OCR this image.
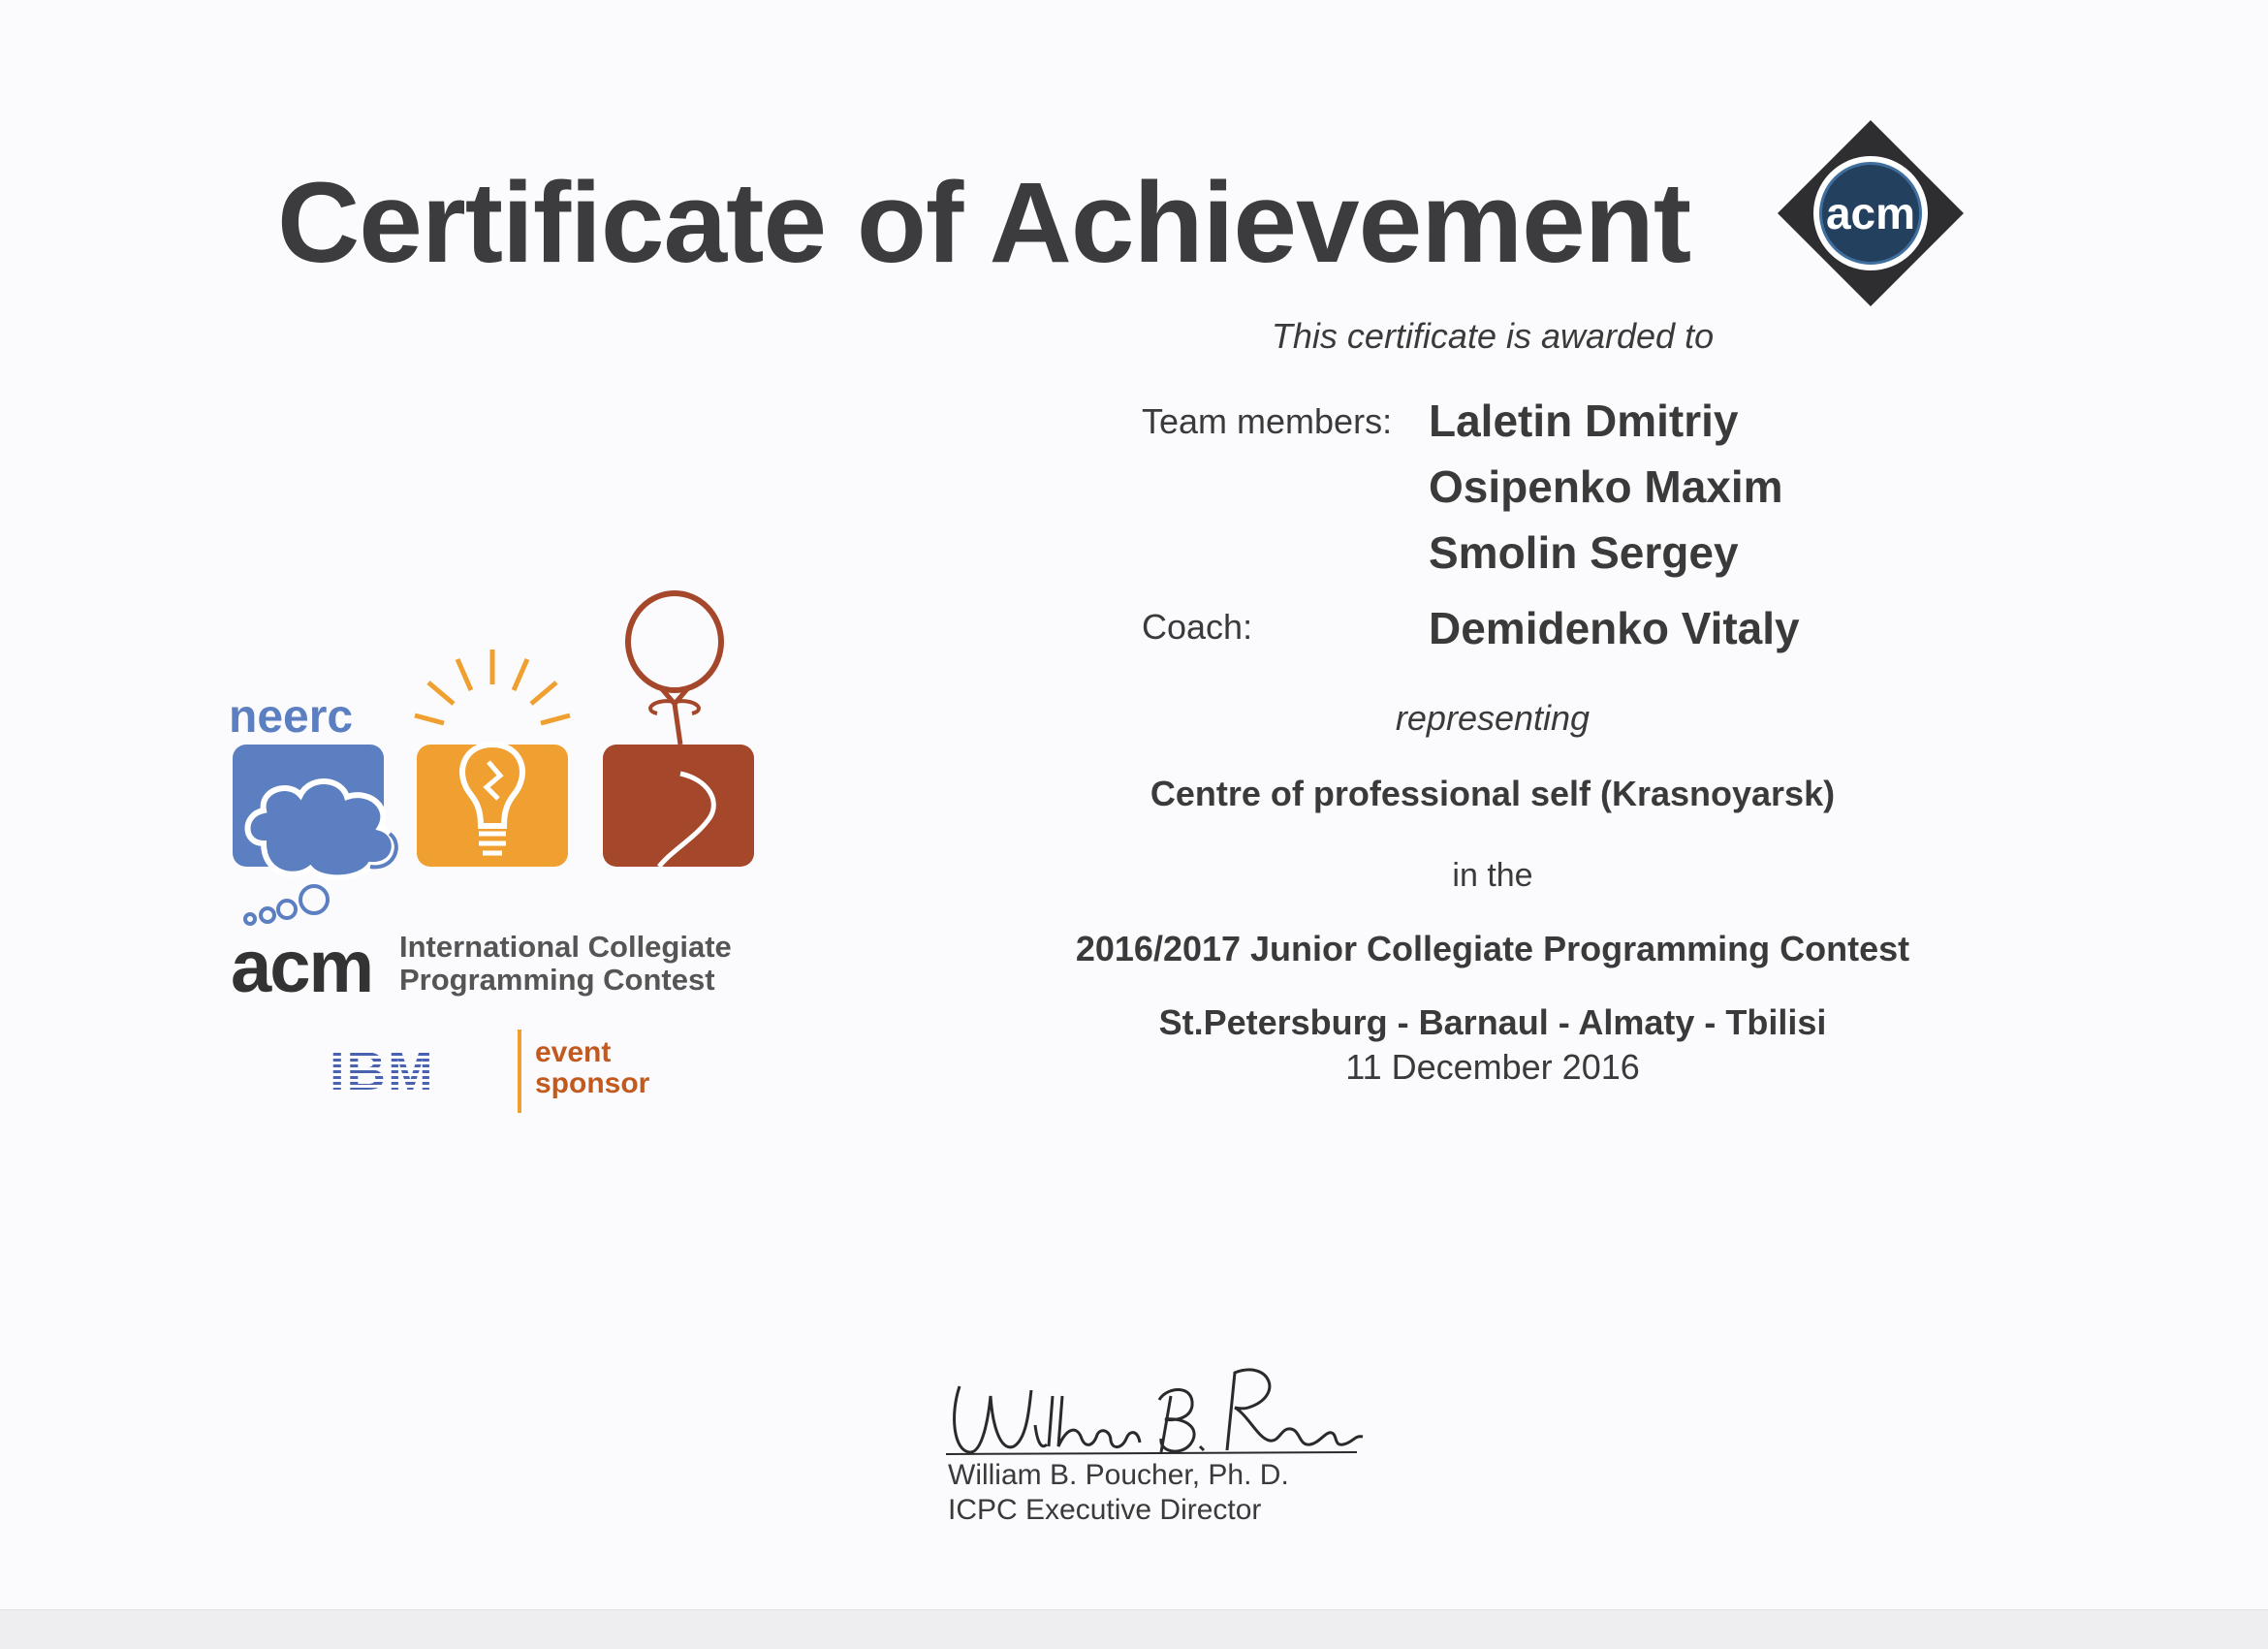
Certificate of Achievement	acm
This certificate is awarded to
Team members: Laletin Dmitriy
Osipenko Maxim
Smolin Sergey
Coach:	Demidenko Vitaly
representing
Centre of professional self (Krasnoyarsk)
in the
2016/2017 Junior Collegiate Programming Contest
St.Petersburg - Barnaul - Almaty - Tbilisi
11 December 2016
neerc
acm International Collegiate
Programming Contest
IBM	event
sponsor
William B. Poucher, Ph. D.
ICPC Executive Director
